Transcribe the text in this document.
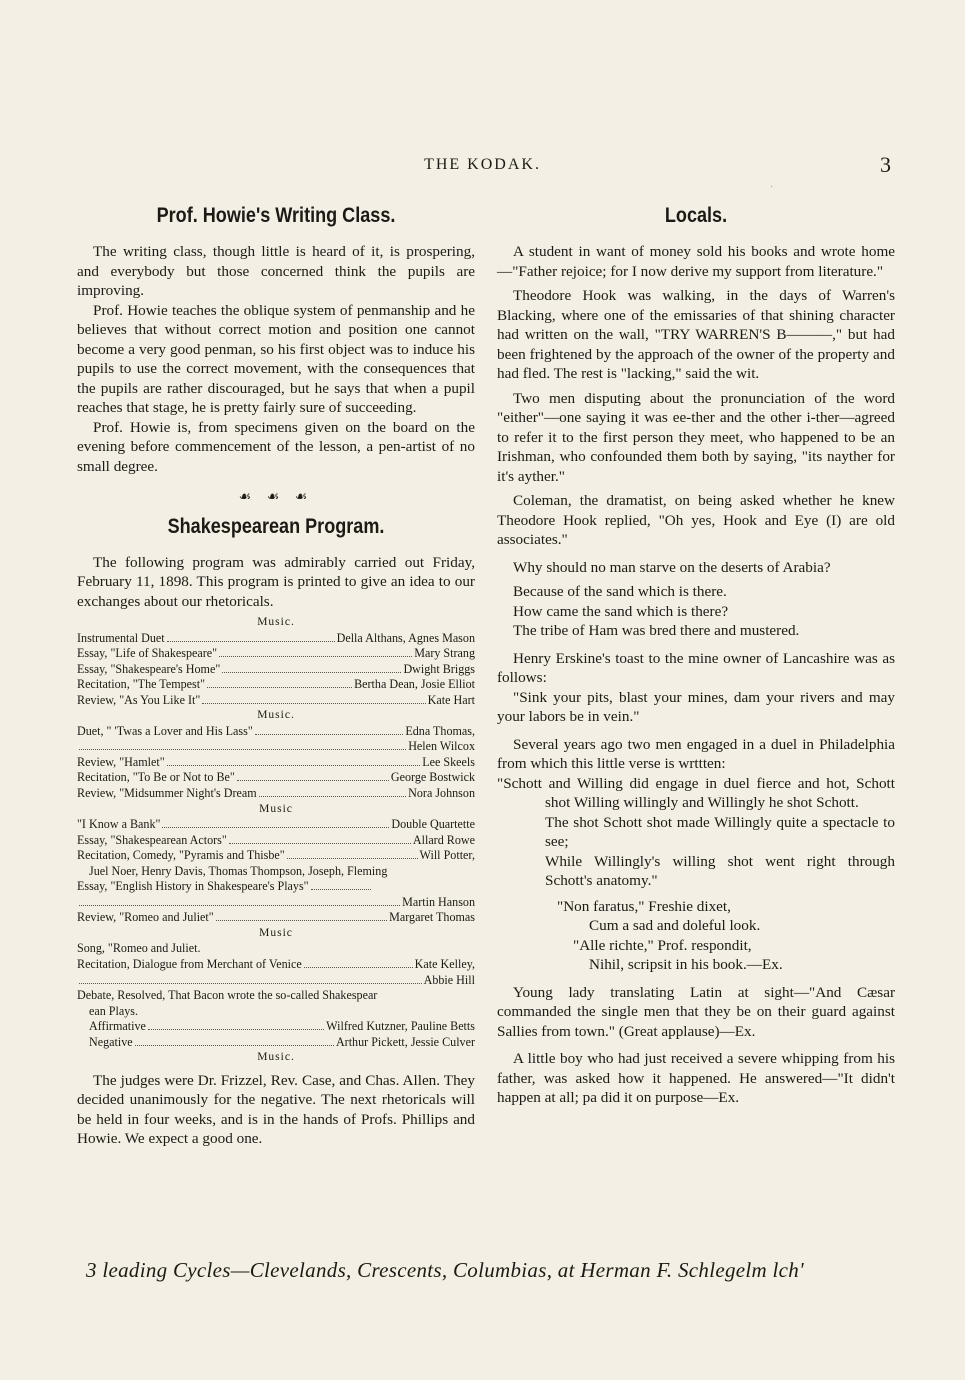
THE KODAK.	3
·
Prof. Howie's Writing Class.

The writing class, though little is heard of it, is prospering, and everybody but those concerned think the pupils are improving.

Prof. Howie teaches the oblique system of penmanship and he believes that without correct motion and position one cannot become a very good penman, so his first object was to induce his pupils to use the correct movement, with the consequences that the pupils are rather discouraged, but he says that when a pupil reaches that stage, he is pretty fairly sure of succeeding.

Prof. Howie is, from specimens given on the board on the evening before commencement of the lesson, a pen-artist of no small degree.

☙ ☙ ☙
Shakespearean Program.

The following program was admirably carried out Friday, February 11, 1898. This program is printed to give an idea to our exchanges about our rhetoricals.

Music.
Instrumental Duet	Della Althans, Agnes Mason
Essay, "Life of Shakespeare"	Mary Strang
Essay, "Shakespeare's Home"	Dwight Briggs
Recitation, "The Tempest"	Bertha Dean, Josie Elliot
Review, "As You Like It"	Kate Hart
Music.
Duet, " 'Twas a Lover and His Lass"	Edna Thomas,
Helen Wilcox
Review, "Hamlet"	Lee Skeels
Recitation, "To Be or Not to Be"	George Bostwick
Review, "Midsummer Night's Dream	Nora Johnson
Music
"I Know a Bank"	Double Quartette
Essay, "Shakespearean Actors"	Allard Rowe
Recitation, Comedy, "Pyramis and Thisbe"	Will Potter,
Juel Noer, Henry Davis, Thomas Thompson, Joseph, Fleming
Essay, "English History in Shakespeare's Plays"
Martin Hanson
Review, "Romeo and Juliet"	Margaret Thomas
Music
Song, "Romeo and Juliet.
Recitation, Dialogue from Merchant of Venice	Kate Kelley,
Abbie Hill
Debate, Resolved, That Bacon wrote the so-called Shakespear
ean Plays.
Affirmative	Wilfred Kutzner, Pauline Betts
Negative	Arthur Pickett, Jessie Culver
Music.

The judges were Dr. Frizzel, Rev. Case, and Chas. Allen. They decided unanimously for the negative. The next rhetoricals will be held in four weeks, and is in the hands of Profs. Phillips and Howie. We expect a good one.

Locals.

A student in want of money sold his books and wrote home—"Father rejoice; for I now derive my support from literature."

Theodore Hook was walking, in the days of Warren's Blacking, where one of the emissaries of that shining character had written on the wall, "TRY WARREN'S B———," but had been frightened by the approach of the owner of the property and had fled. The rest is "lacking," said the wit.

Two men disputing about the pronunciation of the word "either"—one saying it was ee-ther and the other i-ther—agreed to refer it to the first person they meet, who happened to be an Irishman, who confounded them both by saying, "its nayther for it's ayther."

Coleman, the dramatist, on being asked whether he knew Theodore Hook replied, "Oh yes, Hook and Eye (I) are old associates."

Why should no man starve on the deserts of Arabia?

Because of the sand which is there.

How came the sand which is there?

The tribe of Ham was bred there and mustered.

Henry Erskine's toast to the mine owner of Lancashire was as follows:

"Sink your pits, blast your mines, dam your rivers and may your labors be in vein."

Several years ago two men engaged in a duel in Philadelphia from which this little verse is wrttten:

"Schott and Willing did engage in duel fierce and hot, Schott shot Willing willingly and Willingly he shot Schott.

The shot Schott shot made Willingly quite a spectacle to see;

While Willingly's willing shot went right through Schott's anatomy."

"Non faratus," Freshie dixet,
Cum a sad and doleful look.
"Alle richte," Prof. respondit,
Nihil, scripsit in his book.—Ex.

Young lady translating Latin at sight—"And Cæsar commanded the single men that they be on their guard against Sallies from town." (Great applause)—Ex.

A little boy who had just received a severe whipping from his father, was asked how it happened. He answered—"It didn't happen at all; pa did it on purpose—Ex.

3 leading Cycles—Clevelands, Crescents, Columbias, at Herman F. Schlegelm lch'
